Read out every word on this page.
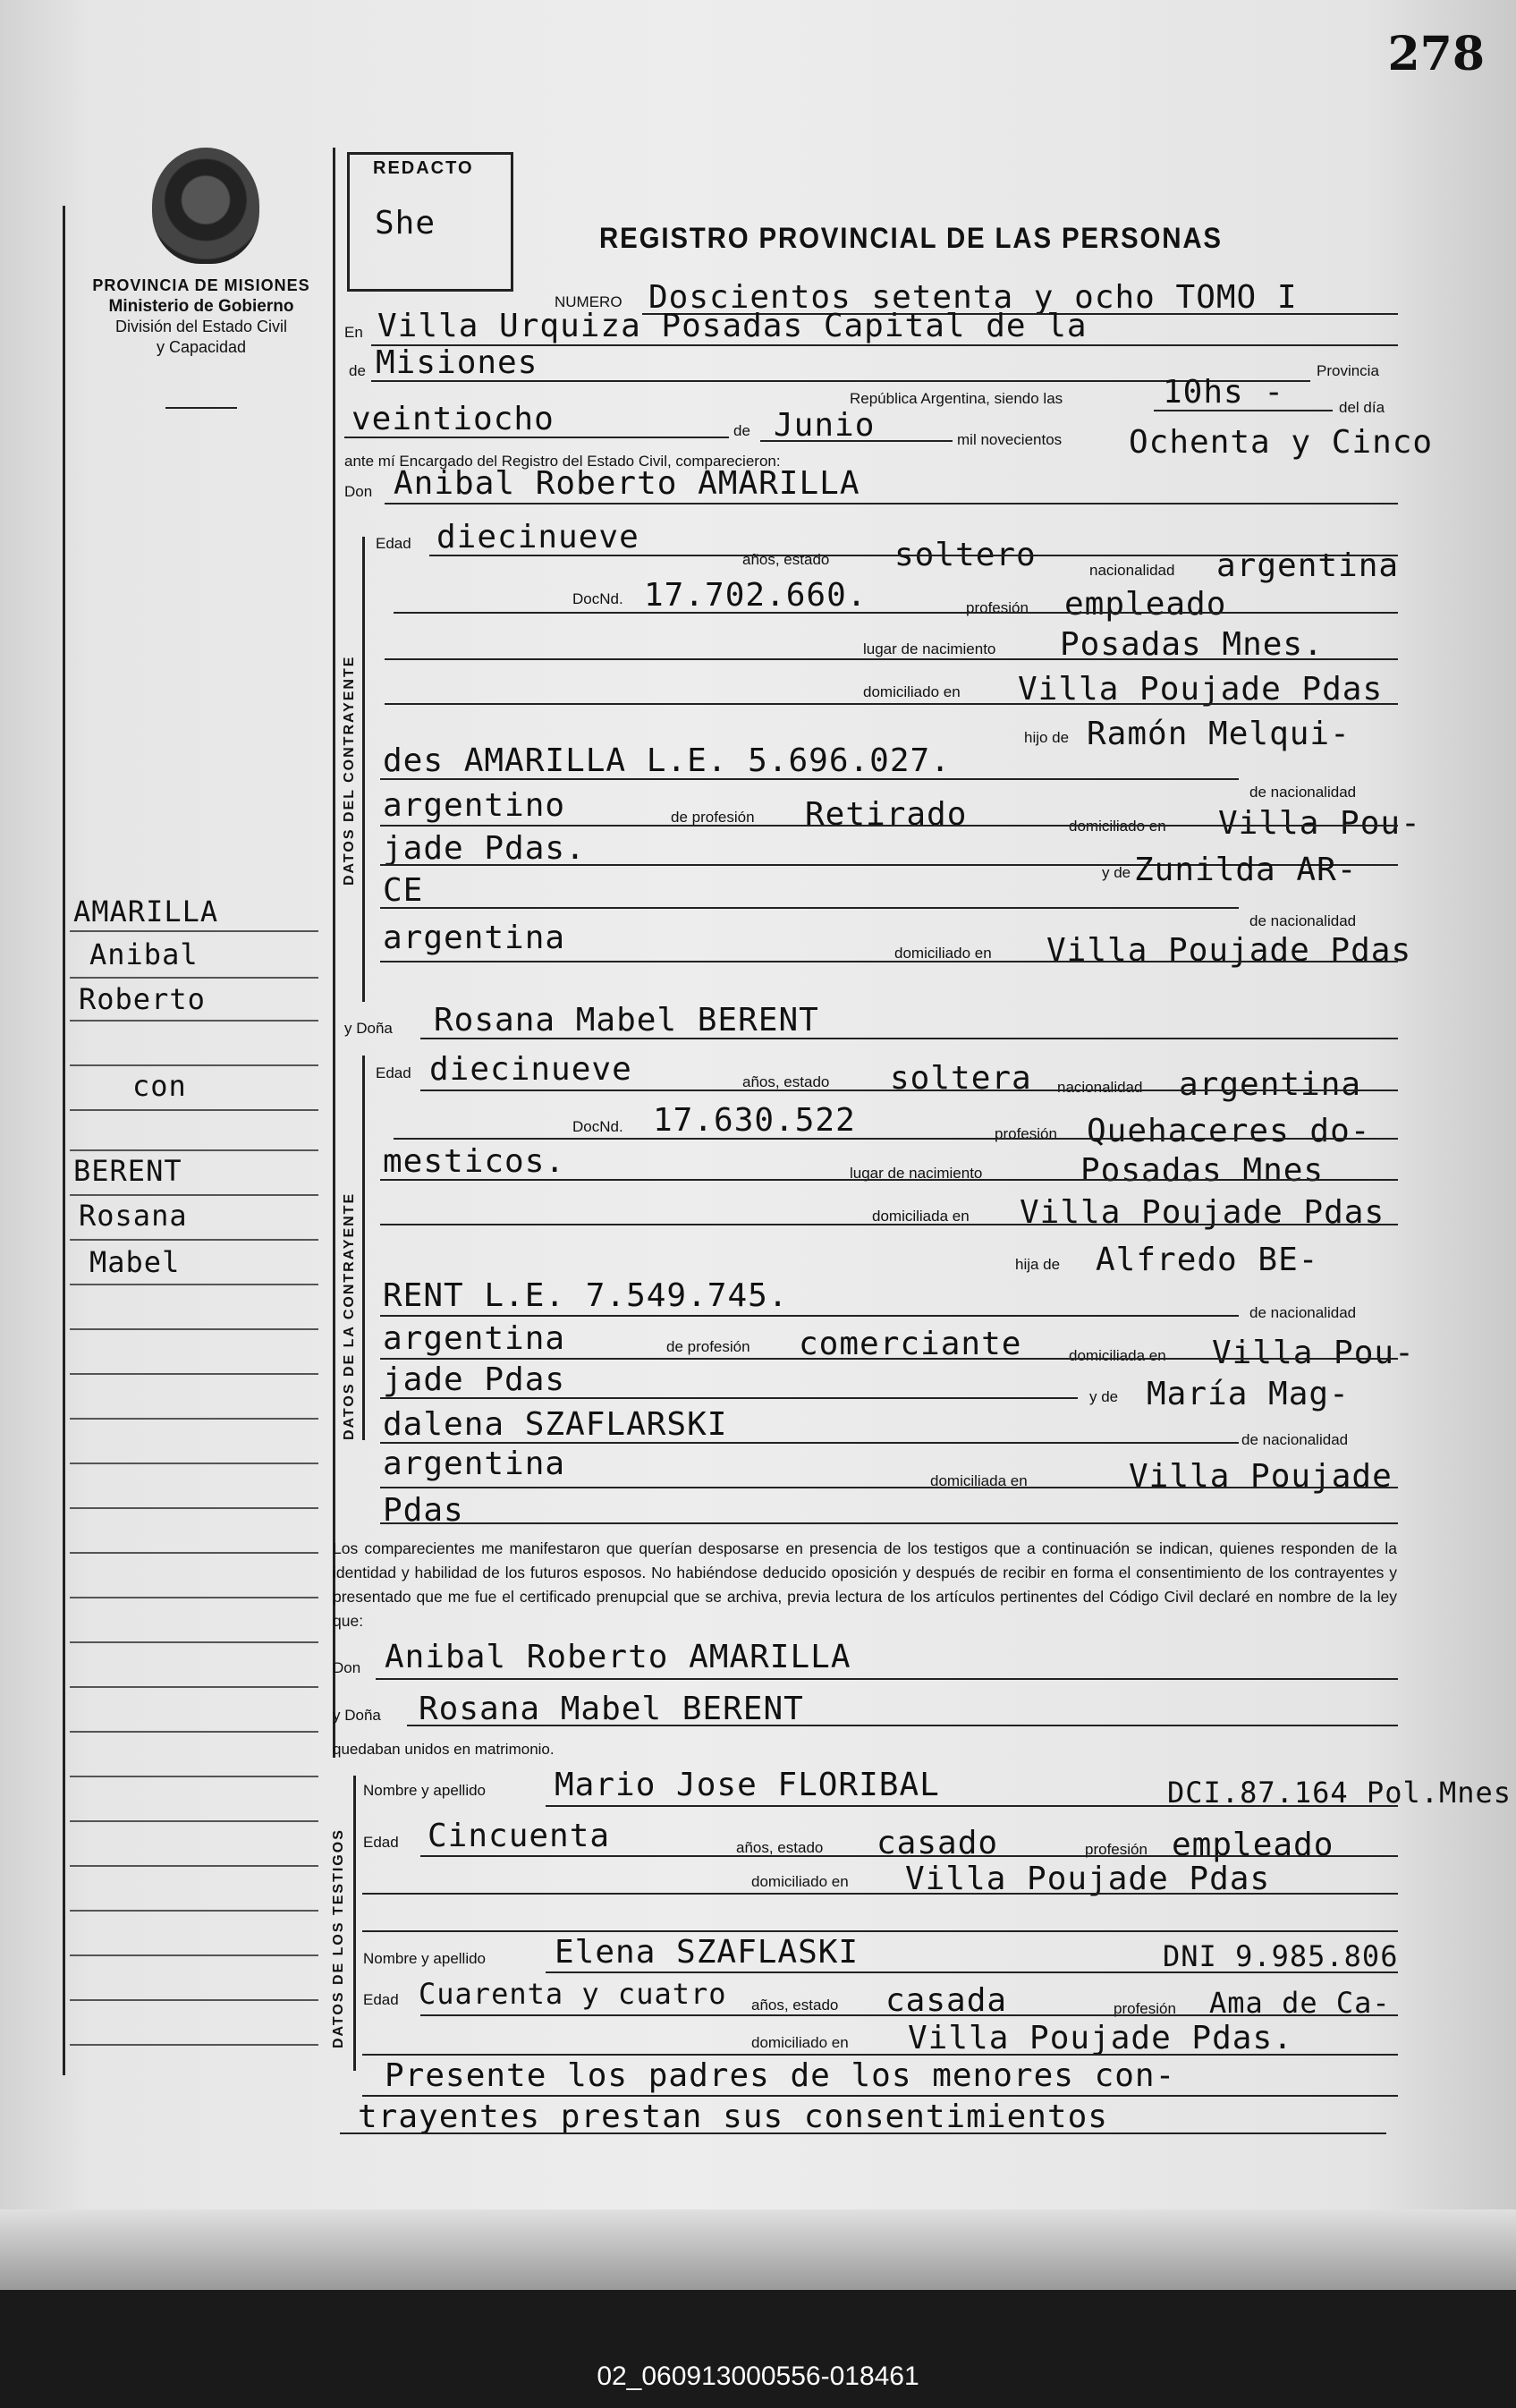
278
PROVINCIA DE MISIONES
Ministerio de Gobierno
División del Estado Civil
y Capacidad
REDACTO
She	REGISTRO PROVINCIAL DE LAS PERSONAS
NUMERO Doscientos setenta y ocho TOMO I
En Villa Urquiza Posadas Capital de la
de Misiones	Provincia
República Argentina, siendo las	10hs -	del día
veintiocho	de Junio	mil novecientos Ochenta y Cinco
ante mí Encargado del Registro del Estado Civil, comparecieron:
Don Anibal Roberto AMARILLA
DATOS DEL CONTRAYENTE
Edad diecinueve
años, estado soltero	nacionalidad argentina
DocNd. 17.702.660.	profesión empleado
lugar de nacimiento Posadas Mnes.
domiciliado en Villa Poujade Pdas
hijo de Ramón Melqui-
des AMARILLA L.E. 5.696.027.
de nacionalidad
argentino	de profesión Retirado	domiciliado en Villa Pou-
jade Pdas.
y de Zunilda AR-
CE
de nacionalidad
argentina	domiciliado en Villa Poujade Pdas
AMARILLA
Anibal
Roberto
con
BERENT
Rosana
Mabel
y Doña Rosana Mabel BERENT
DATOS DE LA CONTRAYENTE
Edad diecinueve	años, estado soltera nacionalidad argentina
DocNd. 17.630.522	profesión Quehaceres do-
mesticos.	lugar de nacimiento	Posadas Mnes
domiciliada en Villa Poujade Pdas
hija de Alfredo BE-
RENT L.E. 7.549.745.	de nacionalidad
argentina	de profesión comerciante	domiciliada en Villa Pou-
jade Pdas	y de María Mag-
dalena SZAFLARSKI	de nacionalidad
argentina	domiciliada en	Villa Poujade
Pdas
Los comparecientes me manifestaron que querían desposarse en presencia de los testigos que a continuación se indican, quienes responden de la identidad y habilidad de los futuros esposos. No habiéndose deducido oposición y después de recibir en forma el consentimiento de los contrayentes y presentado que me fue el certificado prenupcial que se archiva, previa lectura de los artículos pertinentes del Código Civil declaré en nombre de la ley que:
Don Anibal Roberto AMARILLA
y Doña Rosana Mabel BERENT
quedaban unidos en matrimonio.
DATOS DE LOS TESTIGOS
Nombre y apellido Mario Jose FLORIBAL	DCI.87.164 Pol.Mnes
Edad Cincuenta	años, estado casado	profesión empleado
domiciliado en Villa Poujade Pdas
Nombre y apellido Elena SZAFLASKI	DNI 9.985.806
Edad Cuarenta y cuatro años, estado casada	profesión Ama de Ca-
domiciliado en Villa Poujade Pdas.
Presente los padres de los menores con-
trayentes prestan sus consentimientos
02_060913000556-018461
